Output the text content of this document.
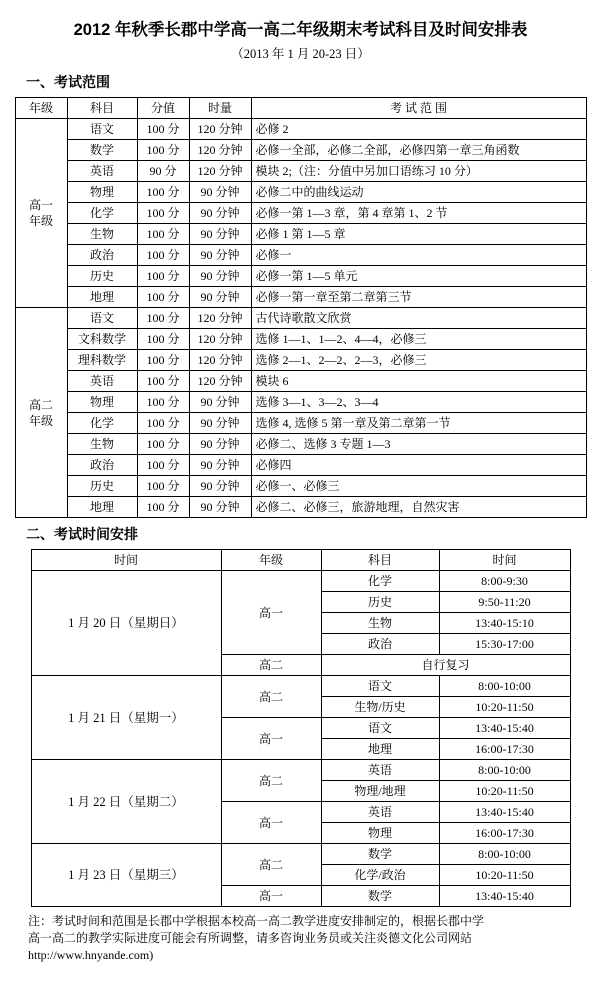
2012 年秋季长郡中学高一高二年级期末考试科目及时间安排表
（2013 年 1 月 20-23 日）
一、考试范围
年级	科目	分值	时量	考 试 范 围

高一
年级	语文	100 分	120 分钟	必修 2
	数学	100 分	120 分钟	必修一全部，必修二全部，必修四第一章三角函数
	英语	90 分	120 分钟	模块 2;（注：分值中另加口语练习 10 分）
	物理	100 分	90 分钟	必修二中的曲线运动
	化学	100 分	90 分钟	必修一第 1—3 章，第 4 章第 1、2 节
	生物	100 分	90 分钟	必修 1 第 1—5 章
	政治	100 分	90 分钟	必修一
	历史	100 分	90 分钟	必修一第 1—5 单元
	地理	100 分	90 分钟	必修一第一章至第二章第三节

高二
年级	语文	100 分	120 分钟	古代诗歌散文欣赏
	文科数学	100 分	120 分钟	选修 1—1、1—2、4—4，必修三
	理科数学	100 分	120 分钟	选修 2—1、2—2、2—3，必修三
	英语	100 分	120 分钟	模块 6
	物理	100 分	90 分钟	选修 3—1、3—2、3—4
	化学	100 分	90 分钟	选修 4, 选修 5 第一章及第二章第一节
	生物	100 分	90 分钟	必修二、选修 3 专题 1—3
	政治	100 分	90 分钟	必修四
	历史	100 分	90 分钟	必修一、必修三
	地理	100 分	90 分钟	必修二、必修三，旅游地理，自然灾害
二、考试时间安排
时间	年级	科目	时间
1 月 20 日（星期日）	高一	化学	8:00-9:30
		历史	9:50-11:20
		生物	13:40-15:10
		政治	15:30-17:00
	高二	自行复习	
1 月 21 日（星期一）	高二	语文	8:00-10:00
		生物/历史	10:20-11:50
	高一	语文	13:40-15:40
		地理	16:00-17:30
1 月 22 日（星期二）	高二	英语	8:00-10:00
		物理/地理	10:20-11:50
	高一	英语	13:40-15:40
		物理	16:00-17:30
1 月 23 日（星期三）	高二	数学	8:00-10:00
		化学/政治	10:20-11:50
	高一	数学	13:40-15:40
注：考试时间和范围是长郡中学根据本校高一高二教学进度安排制定的，根据长郡中学
高一高二的教学实际进度可能会有所调整，请多咨询业务员或关注炎德文化公司网站
http://www.hnyande.com)
